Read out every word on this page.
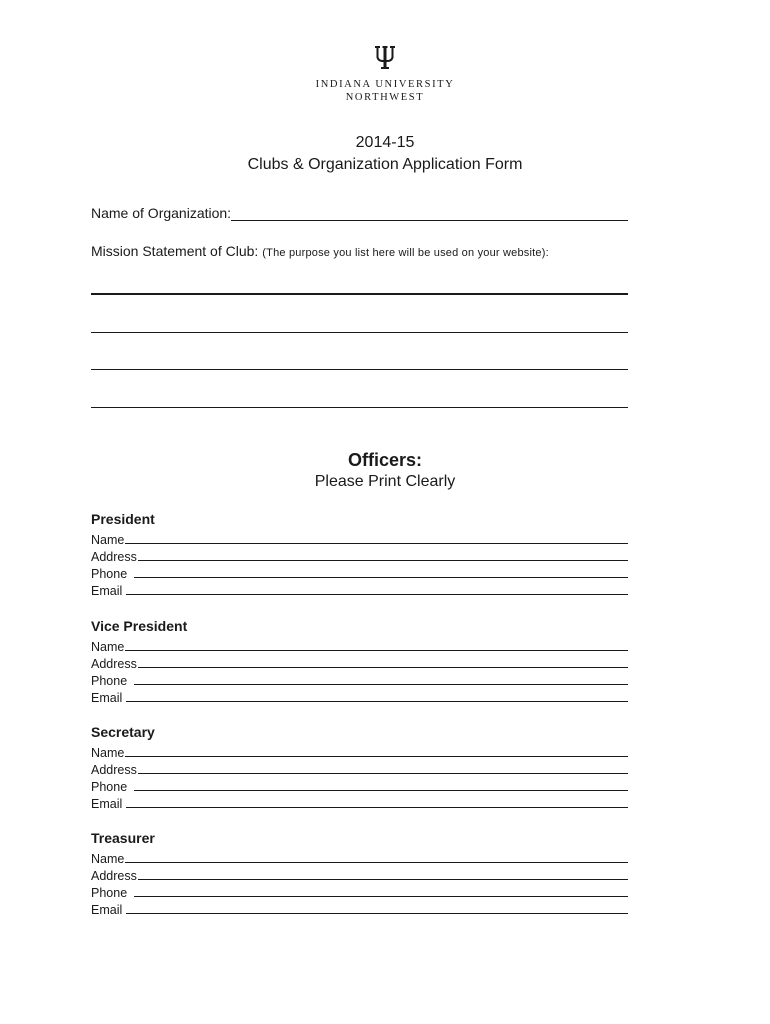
INDIANA UNIVERSITY
NORTHWEST
2014-15
Clubs & Organization Application Form
Name of Organization:
Mission Statement of Club: (The purpose you list here will be used on your website):
Officers:
Please Print Clearly
President
Name
Address
Phone
Email
Vice President
Name
Address
Phone
Email
Secretary
Name
Address
Phone
Email
Treasurer
Name
Address
Phone
Email
